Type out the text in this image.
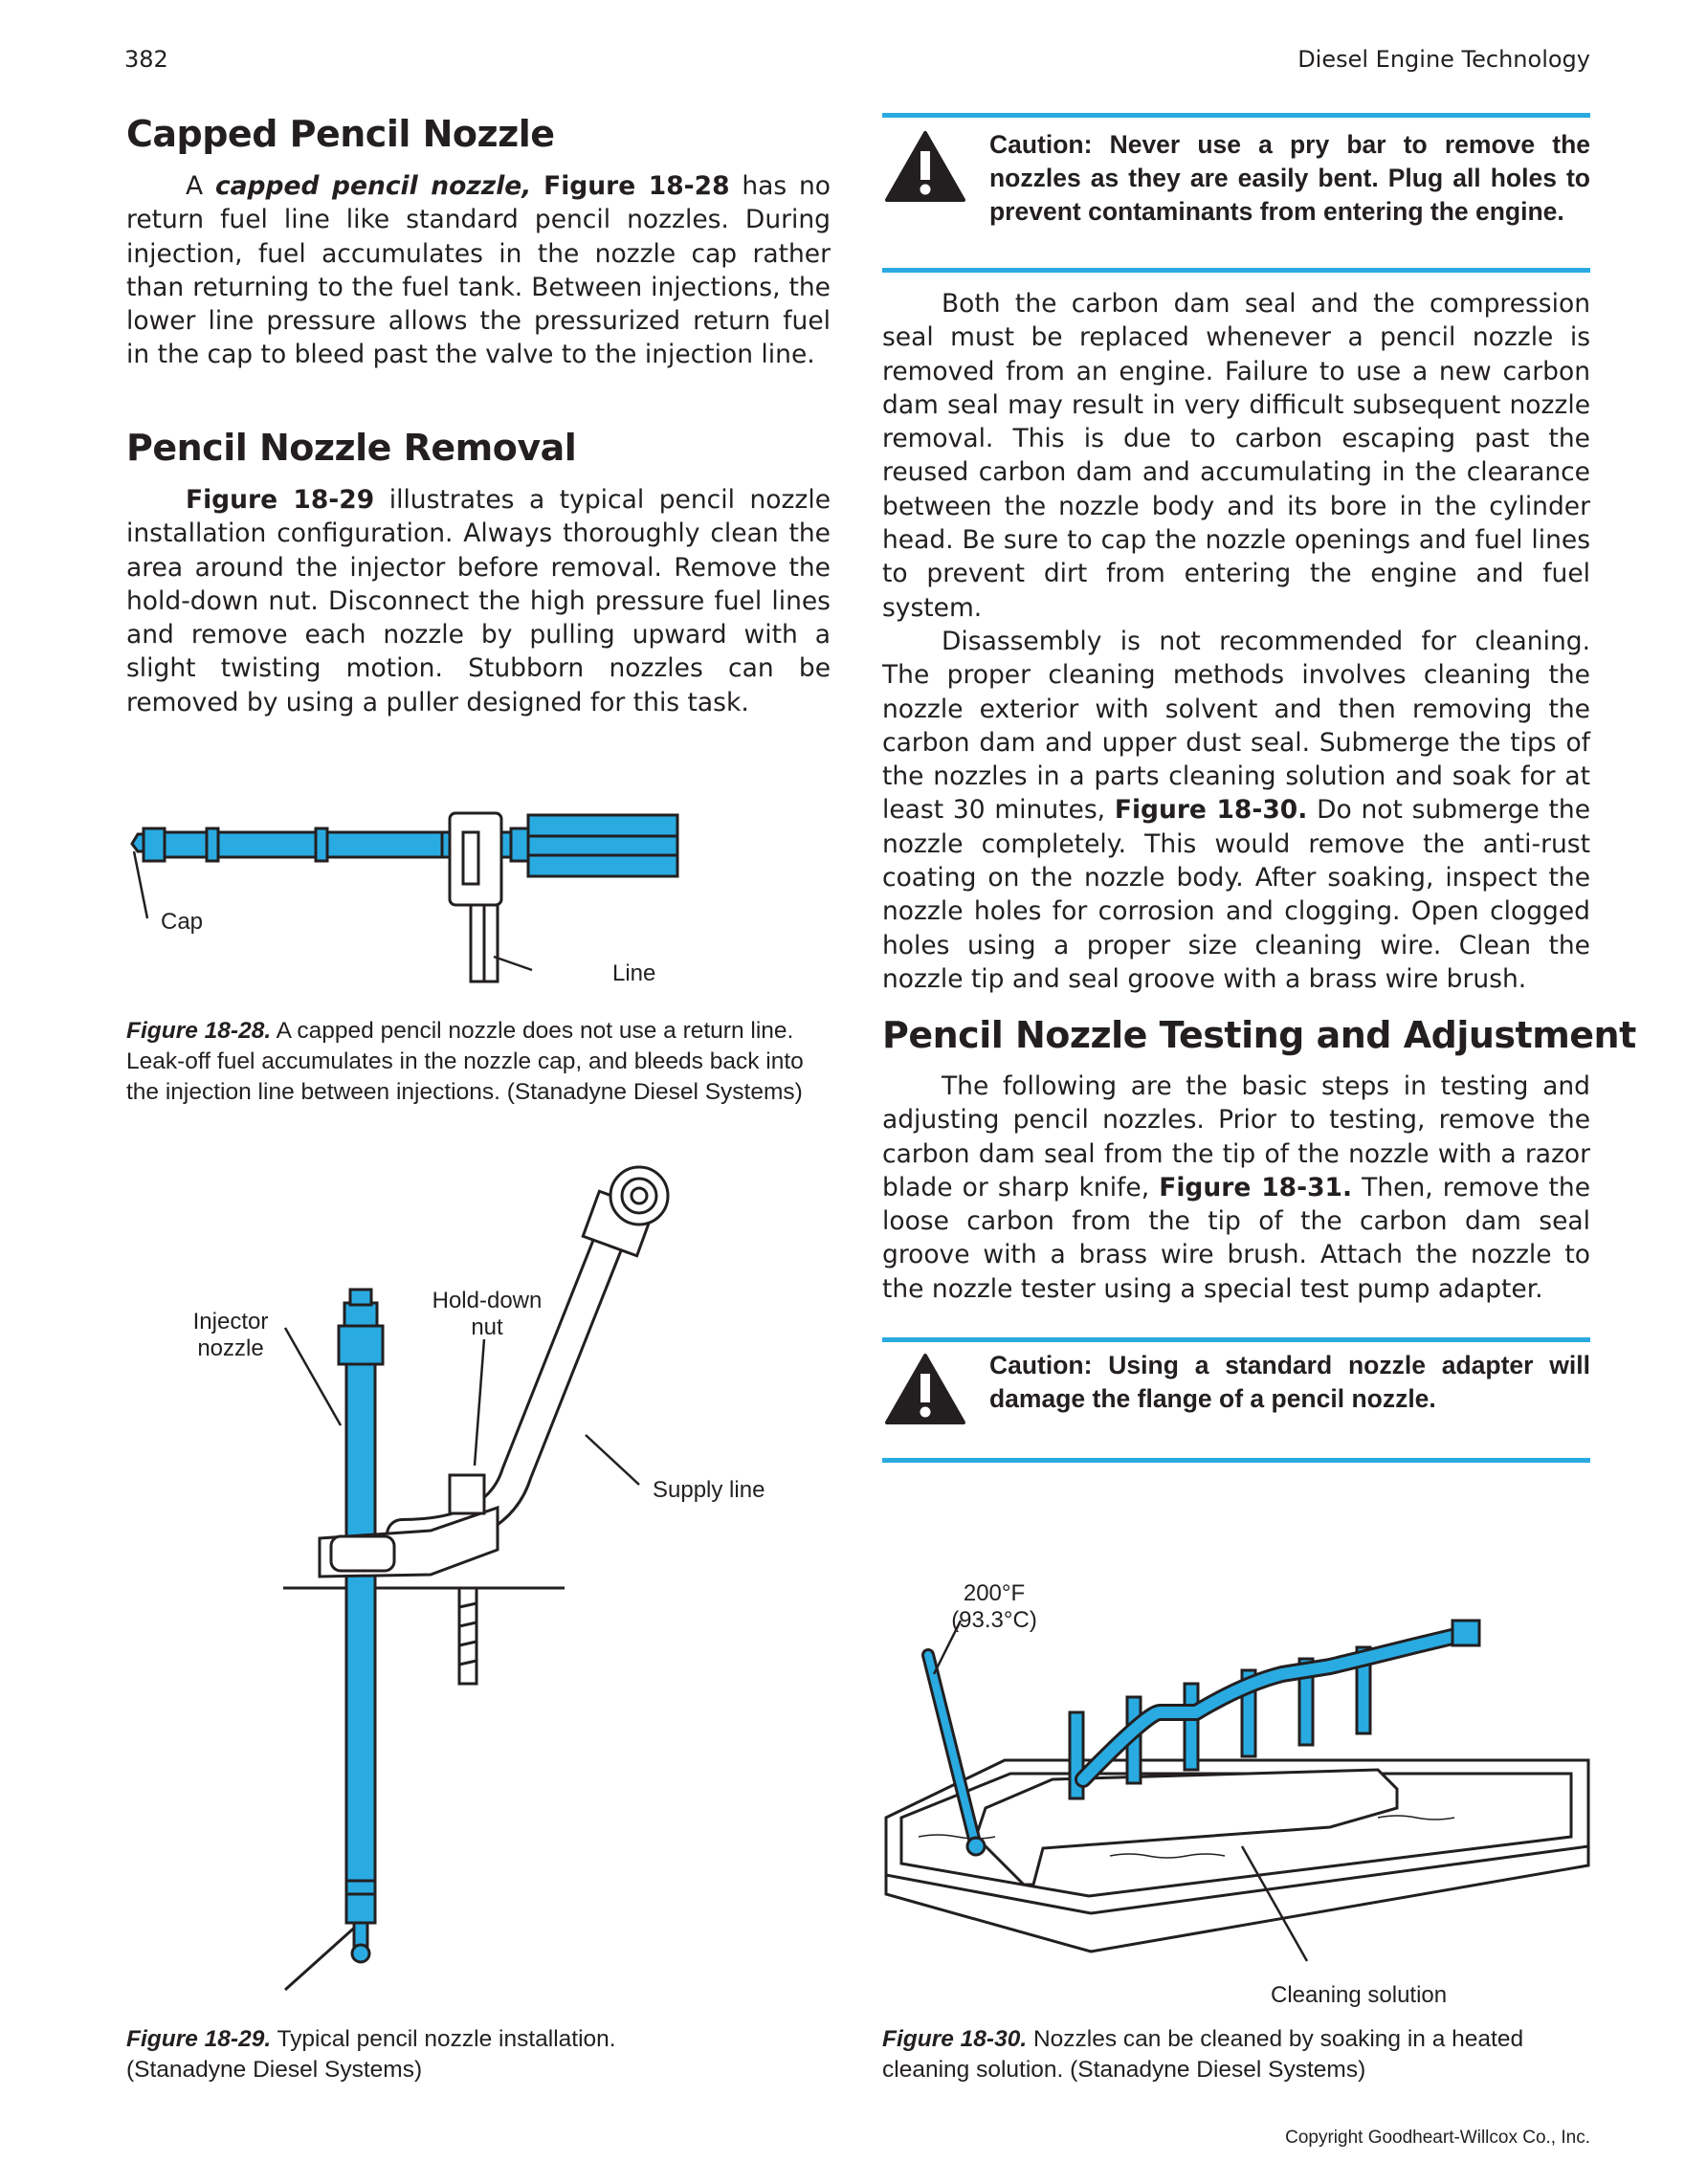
382	Diesel Engine Technology
Capped Pencil Nozzle

A capped pencil nozzle, Figure 18-28 has no return fuel line like standard pencil nozzles. During injection, fuel accumulates in the nozzle cap rather than returning to the fuel tank. Between injections, the lower line pressure allows the pressurized return fuel in the cap to bleed past the valve to the injection line.

Pencil Nozzle Removal

Figure 18-29 illustrates a typical pencil nozzle installation configuration. Always thoroughly clean the area around the injector before removal. Remove the hold-down nut. Disconnect the high pressure fuel lines and remove each nozzle by pulling upward with a slight twisting motion. Stubborn nozzles can be removed by using a puller designed for this task.

Cap
Line
Figure 18-28. A capped pencil nozzle does not use a return line. Leak-off fuel accumulates in the nozzle cap, and bleeds back into the injection line between injections. (Stanadyne Diesel Systems)
Injector
nozzle
Hold-down
nut
Supply line
Figure 18-29. Typical pencil nozzle installation. (Stanadyne Diesel Systems)
Caution: Never use a pry bar to remove the nozzles as they are easily bent. Plug all holes to prevent contaminants from entering the engine.

Both the carbon dam seal and the compression seal must be replaced whenever a pencil nozzle is removed from an engine. Failure to use a new carbon dam seal may result in very difficult subsequent nozzle removal. This is due to carbon escaping past the reused carbon dam and accumulating in the clearance between the nozzle body and its bore in the cylinder head. Be sure to cap the nozzle openings and fuel lines to prevent dirt from entering the engine and fuel system.

Disassembly is not recommended for cleaning. The proper cleaning methods involves cleaning the nozzle exterior with solvent and then removing the carbon dam and upper dust seal. Submerge the tips of the nozzles in a parts cleaning solution and soak for at least 30 minutes, Figure 18-30. Do not submerge the nozzle completely. This would remove the anti-rust coating on the nozzle body. After soaking, inspect the nozzle holes for corrosion and clogging. Open clogged holes using a proper size cleaning wire. Clean the nozzle tip and seal groove with a brass wire brush.

Pencil Nozzle Testing and Adjustment

The following are the basic steps in testing and adjusting pencil nozzles. Prior to testing, remove the carbon dam seal from the tip of the nozzle with a razor blade or sharp knife, Figure 18-31. Then, remove the loose carbon from the tip of the carbon dam seal groove with a brass wire brush. Attach the nozzle to the nozzle tester using a special test pump adapter.

Caution: Using a standard nozzle adapter will damage the flange of a pencil nozzle.
200°F
(93.3°C)
Cleaning solution
Figure 18-30. Nozzles can be cleaned by soaking in a heated cleaning solution. (Stanadyne Diesel Systems)
Copyright Goodheart-Willcox Co., Inc.
